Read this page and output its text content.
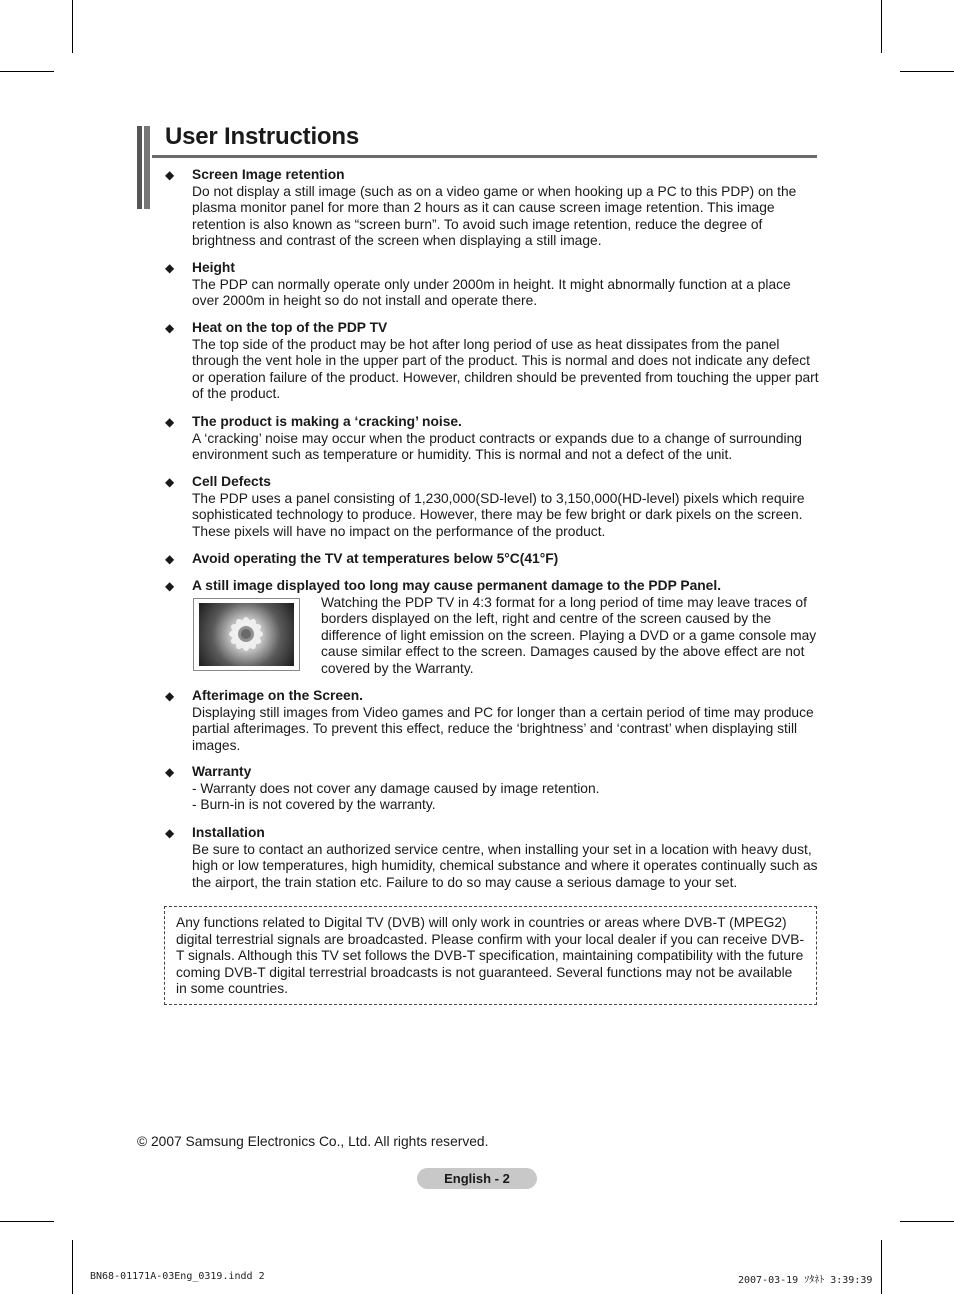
User Instructions
◆ Screen Image retention
Do not display a still image (such as on a video game or when hooking up a PC to this PDP) on the plasma monitor panel for more than 2 hours as it can cause screen image retention. This image retention is also known as “screen burn”. To avoid such image retention, reduce the degree of brightness and contrast of the screen when displaying a still image.
◆ Height
The PDP can normally operate only under 2000m in height. It might abnormally function at a place over 2000m in height so do not install and operate there.
◆ Heat on the top of the PDP TV
The top side of the product may be hot after long period of use as heat dissipates from the panel through the vent hole in the upper part of the product. This is normal and does not indicate any defect or operation failure of the product. However, children should be prevented from touching the upper part of the product.
◆ The product is making a ‘cracking’ noise.
A ‘cracking’ noise may occur when the product contracts or expands due to a change of surrounding environment such as temperature or humidity. This is normal and not a defect of the unit.
◆ Cell Defects
The PDP uses a panel consisting of 1,230,000(SD-level) to 3,150,000(HD-level) pixels which require sophisticated technology to produce. However, there may be few bright or dark pixels on the screen. These pixels will have no impact on the performance of the product.
◆ Avoid operating the TV at temperatures below 5°C(41°F)
◆ A still image displayed too long may cause permanent damage to the PDP Panel.
Watching the PDP TV in 4:3 format for a long period of time may leave traces of borders displayed on the left, right and centre of the screen caused by the difference of light emission on the screen. Playing a DVD or a game console may cause similar effect to the screen. Damages caused by the above effect are not covered by the Warranty.
◆ Afterimage on the Screen.
Displaying still images from Video games and PC for longer than a certain period of time may produce partial afterimages. To prevent this effect, reduce the ‘brightness’ and ‘contrast’ when displaying still images.
◆ Warranty
- Warranty does not cover any damage caused by image retention.
- Burn-in is not covered by the warranty.
◆ Installation
Be sure to contact an authorized service centre, when installing your set in a location with heavy dust, high or low temperatures, high humidity, chemical substance and where it operates continually such as the airport, the train station etc. Failure to do so may cause a serious damage to your set.
Any functions related to Digital TV (DVB) will only work in countries or areas where DVB-T (MPEG2) digital terrestrial signals are broadcasted. Please confirm with your local dealer if you can receive DVB-T signals. Although this TV set follows the DVB-T specification, maintaining compatibility with the future coming DVB-T digital terrestrial broadcasts is not guaranteed. Several functions may not be available in some countries.
© 2007 Samsung Electronics Co., Ltd. All rights reserved.
English - 2
BN68-01171A-03Eng_0319.indd 2	2007-03-19 ｿﾀﾈﾄ 3:39:39
